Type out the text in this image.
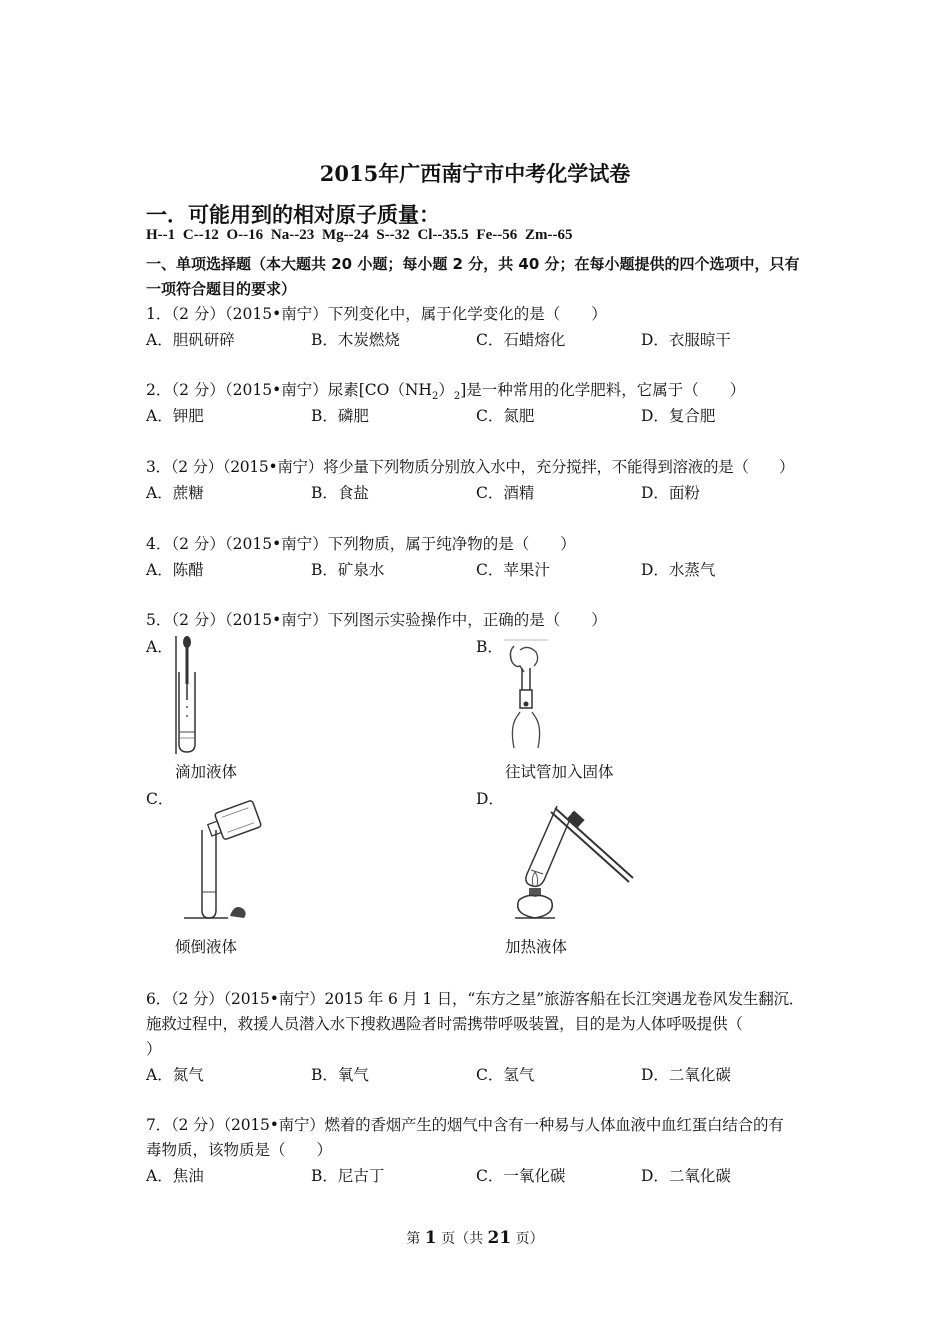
2015年广西南宁市中考化学试卷
一．可能用到的相对原子质量：
H--1 C--12 O--16 Na--23 Mg--24 S--32 Cl--35.5 Fe--56 Zm--65
一、单项选择题（本大题共 20 小题；每小题 2 分，共 40 分；在每小题提供的四个选项中，只有
一项符合题目的要求）
1．（2 分）（2015•南宁）下列变化中，属于化学变化的是（　　）
A．胆矾研碎	B．木炭燃烧	C．石蜡熔化	D．衣服晾干
2．（2 分）（2015•南宁）尿素$[CO(NH_2)_2]$是一种常用的化学肥料，它属于（　　）
A．钾肥	B．磷肥	C．氮肥	D．复合肥
3．（2 分）（2015•南宁）将少量下列物质分别放入水中，充分搅拌，不能得到溶液的是（　　）
A．蔗糖	B．食盐	C．酒精	D．面粉
4．（2 分）（2015•南宁）下列物质，属于纯净物的是（　　）
A．陈醋	B．矿泉水	C．苹果汁	D．水蒸气
5．（2 分）（2015•南宁）下列图示实验操作中，正确的是（　　）
A．	B．
滴加液体	往试管加入固体
C．	D．
倾倒液体	加热液体
6．（2 分）（2015•南宁）2015 年 6 月 1 日，“东方之星”旅游客船在长江突遇龙卷风发生翻沉．
施救过程中，救援人员潜入水下搜救遇险者时需携带呼吸装置，目的是为人体呼吸提供（
）
A．氮气	B．氧气	C．氢气	D．二氧化碳
7．（2 分）（2015•南宁）燃着的香烟产生的烟气中含有一种易与人体血液中血红蛋白结合的有
毒物质，该物质是（　　）
A．焦油	B．尼古丁	C．一氧化碳	D．二氧化碳
第 1 页（共 21 页）
